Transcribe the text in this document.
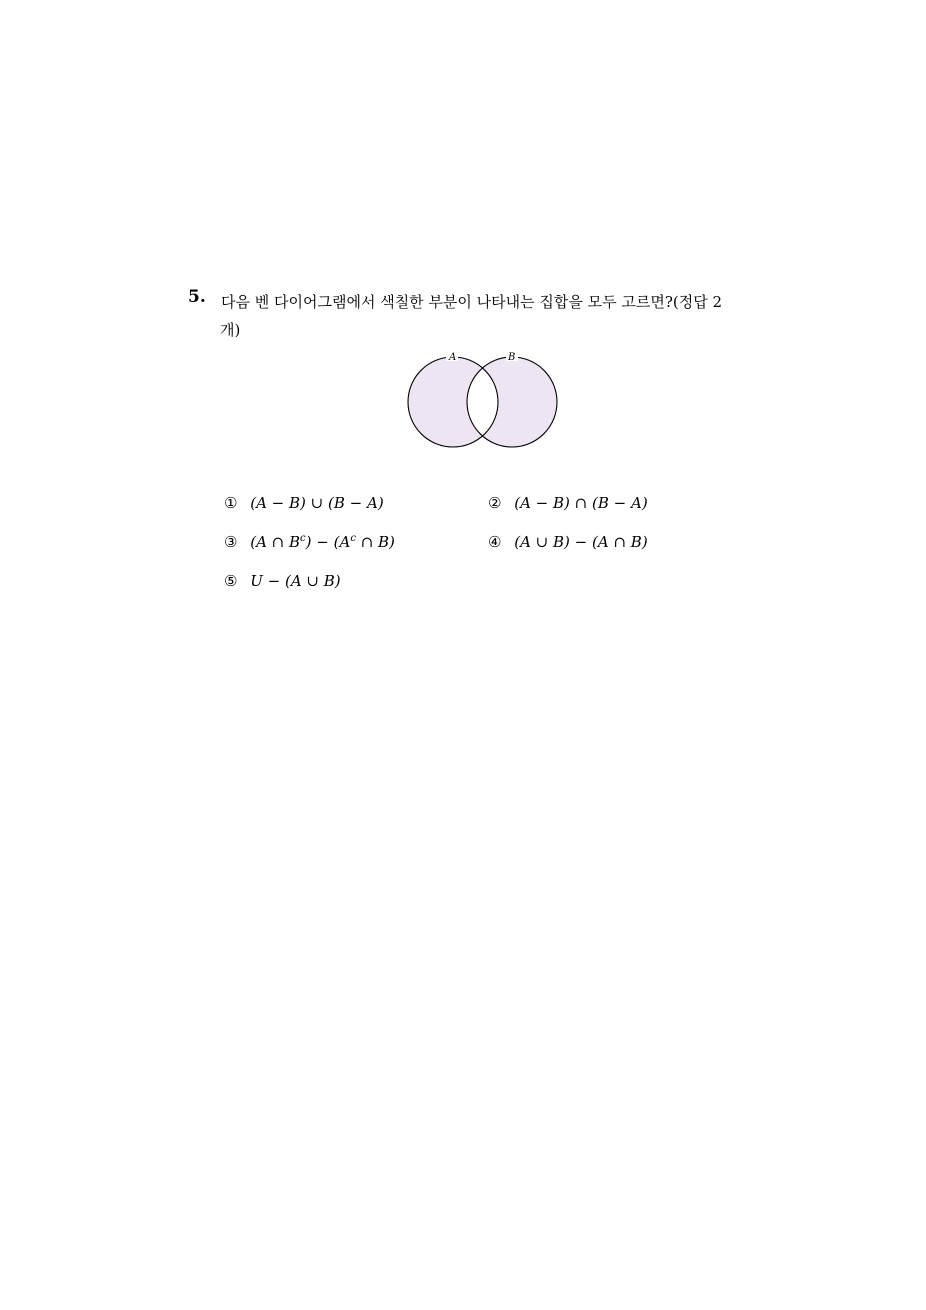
5. 다음 벤 다이어그램에서 색칠한 부분이 나타내는 집합을 모두 고르면?(정답 2
개)
A	B
① (A − B) ∪ (B − A)	② (A − B) ∩ (B − A)
③ (A ∩ $B^c) - (A^c$ ∩ B)	④ (A ∪ B) − (A ∩ B)
⑤ U − (A ∪ B)
